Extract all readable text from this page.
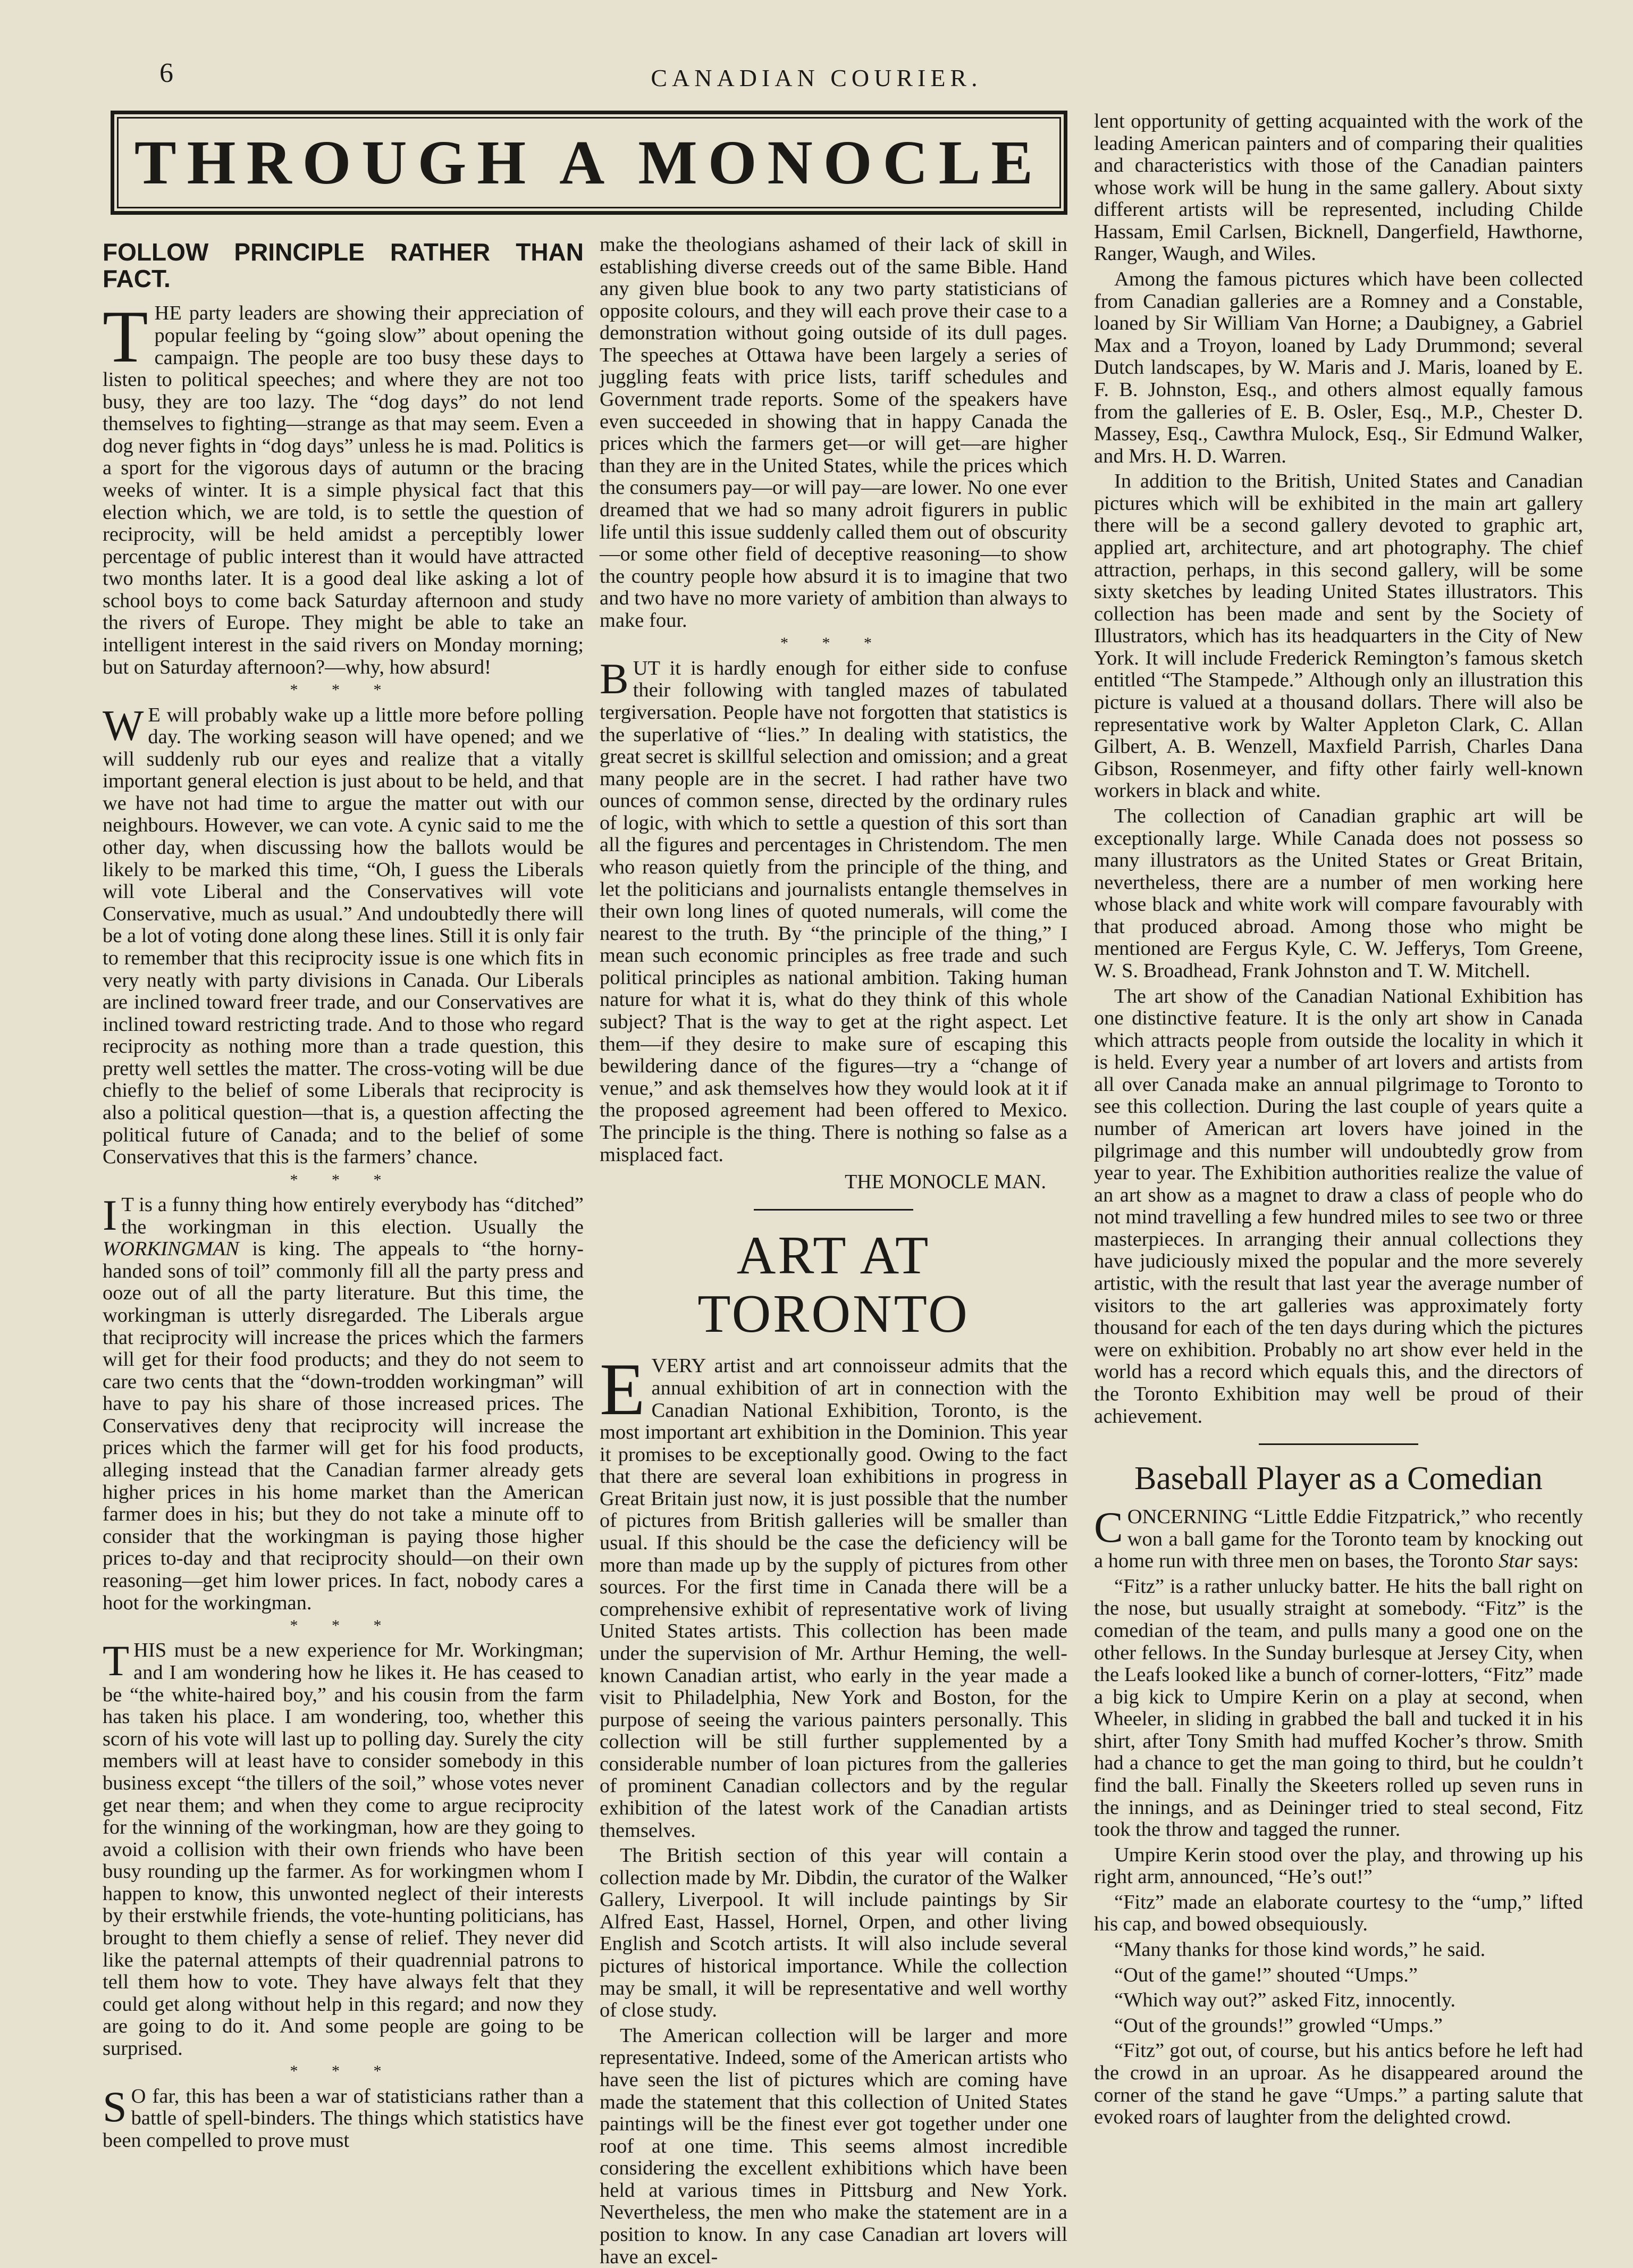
6	CANADIAN COURIER.
THROUGH A MONOCLE
FOLLOW PRINCIPLE RATHER THAN FACT.

THE party leaders are showing their appreciation of popular feeling by “going slow” about opening the campaign. The people are too busy these days to listen to political speeches; and where they are not too busy, they are too lazy. The “dog days” do not lend themselves to fighting—strange as that may seem. Even a dog never fights in “dog days” unless he is mad. Politics is a sport for the vigorous days of autumn or the bracing weeks of winter. It is a simple physical fact that this election which, we are told, is to settle the question of reciprocity, will be held amidst a perceptibly lower percentage of public interest than it would have attracted two months later. It is a good deal like asking a lot of school boys to come back Saturday afternoon and study the rivers of Europe. They might be able to take an intelligent interest in the said rivers on Monday morning; but on Saturday afternoon?—why, how absurd!

* * *

W E will probably wake up a little more before polling day. The working season will have opened; and we will suddenly rub our eyes and realize that a vitally important general election is just about to be held, and that we have not had time to argue the matter out with our neighbours. However, we can vote. A cynic said to me the other day, when discussing how the ballots would be likely to be marked this time, “Oh, I guess the Liberals will vote Liberal and the Conservatives will vote Conservative, much as usual.” And undoubtedly there will be a lot of voting done along these lines. Still it is only fair to remember that this reciprocity issue is one which fits in very neatly with party divisions in Canada. Our Liberals are inclined toward freer trade, and our Conservatives are inclined toward restricting trade. And to those who regard reciprocity as nothing more than a trade question, this pretty well settles the matter. The cross-voting will be due chiefly to the belief of some Liberals that reciprocity is also a political question—that is, a question affecting the political future of Canada; and to the belief of some Conservatives that this is the farmers’ chance.

* * *

I T is a funny thing how entirely everybody has “ditched” the workingman in this election. Usually the WORKINGMAN is king. The appeals to “the horny-handed sons of toil” commonly fill all the party press and ooze out of all the party literature. But this time, the workingman is utterly disregarded. The Liberals argue that reciprocity will increase the prices which the farmers will get for their food products; and they do not seem to care two cents that the “down-trodden workingman” will have to pay his share of those increased prices. The Conservatives deny that reciprocity will increase the prices which the farmer will get for his food products, alleging instead that the Canadian farmer already gets higher prices in his home market than the American farmer does in his; but they do not take a minute off to consider that the workingman is paying those higher prices to-day and that reciprocity should—on their own reasoning—get him lower prices. In fact, nobody cares a hoot for the workingman.

* * *

THIS must be a new experience for Mr. Workingman; and I am wondering how he likes it. He has ceased to be “the white-haired boy,” and his cousin from the farm has taken his place. I am wondering, too, whether this scorn of his vote will last up to polling day. Surely the city members will at least have to consider somebody in this business except “the tillers of the soil,” whose votes never get near them; and when they come to argue reciprocity for the winning of the workingman, how are they going to avoid a collision with their own friends who have been busy rounding up the farmer. As for workingmen whom I happen to know, this unwonted neglect of their interests by their erstwhile friends, the vote-hunting politicians, has brought to them chiefly a sense of relief. They never did like the paternal attempts of their quadrennial patrons to tell them how to vote. They have always felt that they could get along without help in this regard; and now they are going to do it. And some people are going to be surprised.

* * *

S O far, this has been a war of statisticians rather than a battle of spell-binders. The things which statistics have been compelled to prove must

make the theologians ashamed of their lack of skill in establishing diverse creeds out of the same Bible. Hand any given blue book to any two party statisticians of opposite colours, and they will each prove their case to a demonstration without going outside of its dull pages. The speeches at Ottawa have been largely a series of juggling feats with price lists, tariff schedules and Government trade reports. Some of the speakers have even succeeded in showing that in happy Canada the prices which the farmers get—or will get—are higher than they are in the United States, while the prices which the consumers pay—or will pay—are lower. No one ever dreamed that we had so many adroit figurers in public life until this issue suddenly called them out of obscurity—or some other field of deceptive reasoning—to show the country people how absurd it is to imagine that two and two have no more variety of ambition than always to make four.

* * *

BUT it is hardly enough for either side to confuse their following with tangled mazes of tabulated tergiversation. People have not forgotten that statistics is the superlative of “lies.” In dealing with statistics, the great secret is skillful selection and omission; and a great many people are in the secret. I had rather have two ounces of common sense, directed by the ordinary rules of logic, with which to settle a question of this sort than all the figures and percentages in Christendom. The men who reason quietly from the principle of the thing, and let the politicians and journalists entangle themselves in their own long lines of quoted numerals, will come the nearest to the truth. By “the principle of the thing,” I mean such economic principles as free trade and such political principles as national ambition. Taking human nature for what it is, what do they think of this whole subject? That is the way to get at the right aspect. Let them—if they desire to make sure of escaping this bewildering dance of the figures—try a “change of venue,” and ask themselves how they would look at it if the proposed agreement had been offered to Mexico. The principle is the thing. There is nothing so false as a misplaced fact.

THE MONOCLE MAN.
ART AT TORONTO

EVERY artist and art connoisseur admits that the annual exhibition of art in connection with the Canadian National Exhibition, Toronto, is the most important art exhibition in the Dominion. This year it promises to be exceptionally good. Owing to the fact that there are several loan exhibitions in progress in Great Britain just now, it is just possible that the number of pictures from British galleries will be smaller than usual. If this should be the case the deficiency will be more than made up by the supply of pictures from other sources. For the first time in Canada there will be a comprehensive exhibit of representative work of living United States artists. This collection has been made under the supervision of Mr. Arthur Heming, the well-known Canadian artist, who early in the year made a visit to Philadelphia, New York and Boston, for the purpose of seeing the various painters personally. This collection will be still further supplemented by a considerable number of loan pictures from the galleries of prominent Canadian collectors and by the regular exhibition of the latest work of the Canadian artists themselves.

The British section of this year will contain a collection made by Mr. Dibdin, the curator of the Walker Gallery, Liverpool. It will include paintings by Sir Alfred East, Hassel, Hornel, Orpen, and other living English and Scotch artists. It will also include several pictures of historical importance. While the collection may be small, it will be representative and well worthy of close study.

The American collection will be larger and more representative. Indeed, some of the American artists who have seen the list of pictures which are coming have made the statement that this collection of United States paintings will be the finest ever got together under one roof at one time. This seems almost incredible considering the excellent exhibitions which have been held at various times in Pittsburg and New York. Nevertheless, the men who make the statement are in a position to know. In any case Canadian art lovers will have an excel-

lent opportunity of getting acquainted with the work of the leading American painters and of comparing their qualities and characteristics with those of the Canadian painters whose work will be hung in the same gallery. About sixty different artists will be represented, including Childe Hassam, Emil Carlsen, Bicknell, Dangerfield, Hawthorne, Ranger, Waugh, and Wiles.

Among the famous pictures which have been collected from Canadian galleries are a Romney and a Constable, loaned by Sir William Van Horne; a Daubigney, a Gabriel Max and a Troyon, loaned by Lady Drummond; several Dutch landscapes, by W. Maris and J. Maris, loaned by E. F. B. Johnston, Esq., and others almost equally famous from the galleries of E. B. Osler, Esq., M.P., Chester D. Massey, Esq., Cawthra Mulock, Esq., Sir Edmund Walker, and Mrs. H. D. Warren.

In addition to the British, United States and Canadian pictures which will be exhibited in the main art gallery there will be a second gallery devoted to graphic art, applied art, architecture, and art photography. The chief attraction, perhaps, in this second gallery, will be some sixty sketches by leading United States illustrators. This collection has been made and sent by the Society of Illustrators, which has its headquarters in the City of New York. It will include Frederick Remington’s famous sketch entitled “The Stampede.” Although only an illustration this picture is valued at a thousand dollars. There will also be representative work by Walter Appleton Clark, C. Allan Gilbert, A. B. Wenzell, Maxfield Parrish, Charles Dana Gibson, Rosenmeyer, and fifty other fairly well-known workers in black and white.

The collection of Canadian graphic art will be exceptionally large. While Canada does not possess so many illustrators as the United States or Great Britain, nevertheless, there are a number of men working here whose black and white work will compare favourably with that produced abroad. Among those who might be mentioned are Fergus Kyle, C. W. Jefferys, Tom Greene, W. S. Broadhead, Frank Johnston and T. W. Mitchell.

The art show of the Canadian National Exhibition has one distinctive feature. It is the only art show in Canada which attracts people from outside the locality in which it is held. Every year a number of art lovers and artists from all over Canada make an annual pilgrimage to Toronto to see this collection. During the last couple of years quite a number of American art lovers have joined in the pilgrimage and this number will undoubtedly grow from year to year. The Exhibition authorities realize the value of an art show as a magnet to draw a class of people who do not mind travelling a few hundred miles to see two or three masterpieces. In arranging their annual collections they have judiciously mixed the popular and the more severely artistic, with the result that last year the average number of visitors to the art galleries was approximately forty thousand for each of the ten days during which the pictures were on exhibition. Probably no art show ever held in the world has a record which equals this, and the directors of the Toronto Exhibition may well be proud of their achievement.

Baseball Player as a Comedian

CONCERNING “Little Eddie Fitzpatrick,” who recently won a ball game for the Toronto team by knocking out a home run with three men on bases, the Toronto Star says:

“Fitz” is a rather unlucky batter. He hits the ball right on the nose, but usually straight at somebody. “Fitz” is the comedian of the team, and pulls many a good one on the other fellows. In the Sunday burlesque at Jersey City, when the Leafs looked like a bunch of corner-lotters, “Fitz” made a big kick to Umpire Kerin on a play at second, when Wheeler, in sliding in grabbed the ball and tucked it in his shirt, after Tony Smith had muffed Kocher’s throw. Smith had a chance to get the man going to third, but he couldn’t find the ball. Finally the Skeeters rolled up seven runs in the innings, and as Deininger tried to steal second, Fitz took the throw and tagged the runner.

Umpire Kerin stood over the play, and throwing up his right arm, announced, “He’s out!”

“Fitz” made an elaborate courtesy to the “ump,” lifted his cap, and bowed obsequiously.

“Many thanks for those kind words,” he said.

“Out of the game!” shouted “Umps.”

“Which way out?” asked Fitz, innocently.

“Out of the grounds!” growled “Umps.”

“Fitz” got out, of course, but his antics before he left had the crowd in an uproar. As he disappeared around the corner of the stand he gave “Umps.” a parting salute that evoked roars of laughter from the delighted crowd.
